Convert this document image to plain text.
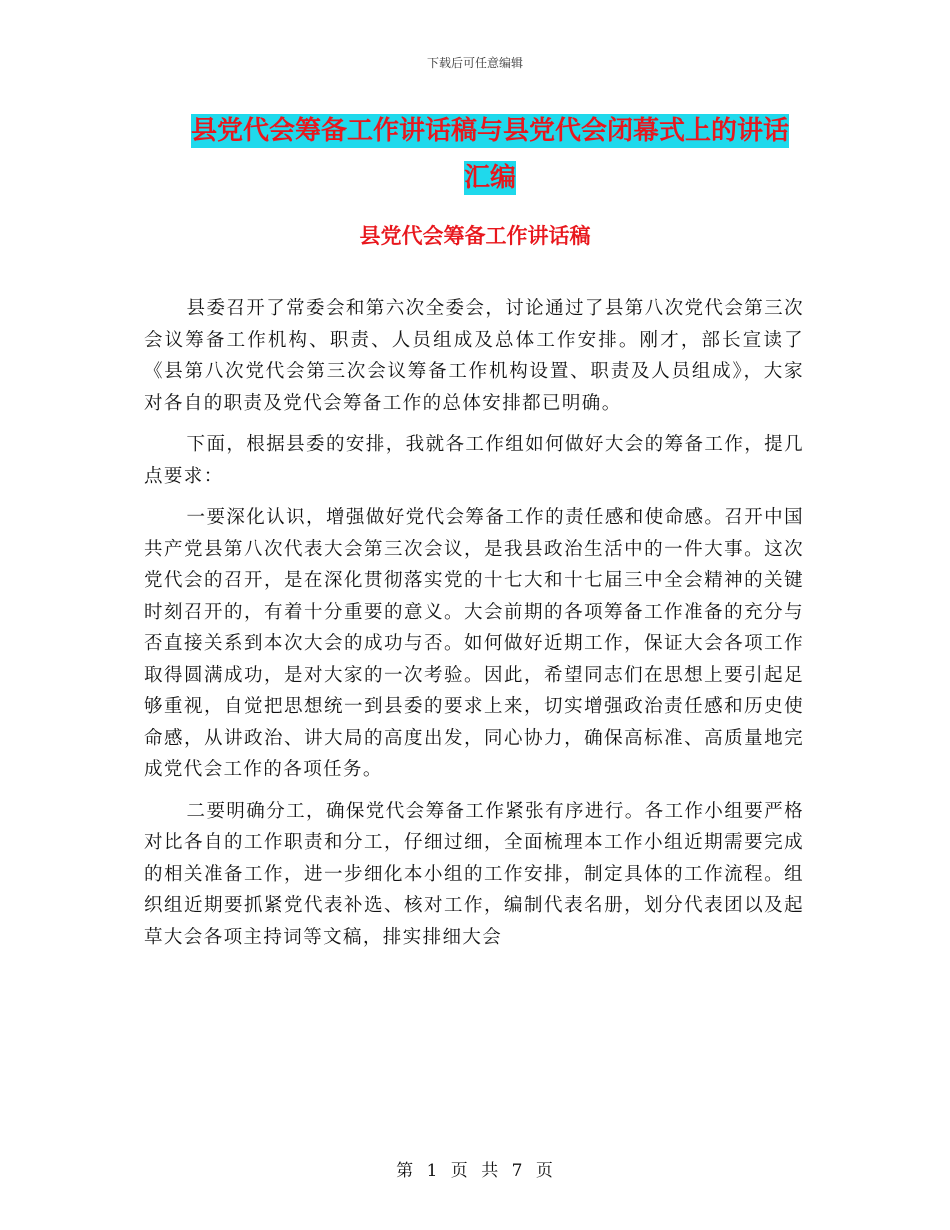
下载后可任意编辑
县党代会筹备工作讲话稿与县党代会闭幕式上的讲话
汇编
县党代会筹备工作讲话稿

县委召开了常委会和第六次全委会，讨论通过了县第八次党代会第三次会议筹备工作机构、职责、人员组成及总体工作安排。刚才，部长宣读了《县第八次党代会第三次会议筹备工作机构设置、职责及人员组成》，大家对各自的职责及党代会筹备工作的总体安排都已明确。

下面，根据县委的安排，我就各工作组如何做好大会的筹备工作，提几点要求：

一要深化认识，增强做好党代会筹备工作的责任感和使命感。召开中国共产党县第八次代表大会第三次会议，是我县政治生活中的一件大事。这次党代会的召开，是在深化贯彻落实党的十七大和十七届三中全会精神的关键时刻召开的，有着十分重要的意义。大会前期的各项筹备工作准备的充分与否直接关系到本次大会的成功与否。如何做好近期工作，保证大会各项工作取得圆满成功，是对大家的一次考验。因此，希望同志们在思想上要引起足够重视，自觉把思想统一到县委的要求上来，切实增强政治责任感和历史使命感，从讲政治、讲大局的高度出发，同心协力，确保高标准、高质量地完成党代会工作的各项任务。

二要明确分工，确保党代会筹备工作紧张有序进行。各工作小组要严格对比各自的工作职责和分工，仔细过细，全面梳理本工作小组近期需要完成的相关准备工作，进一步细化本小组的工作安排，制定具体的工作流程。组织组近期要抓紧党代表补选、核对工作，编制代表名册，划分代表团以及起草大会各项主持词等文稿，排实排细大会

第 1 页 共 7 页
